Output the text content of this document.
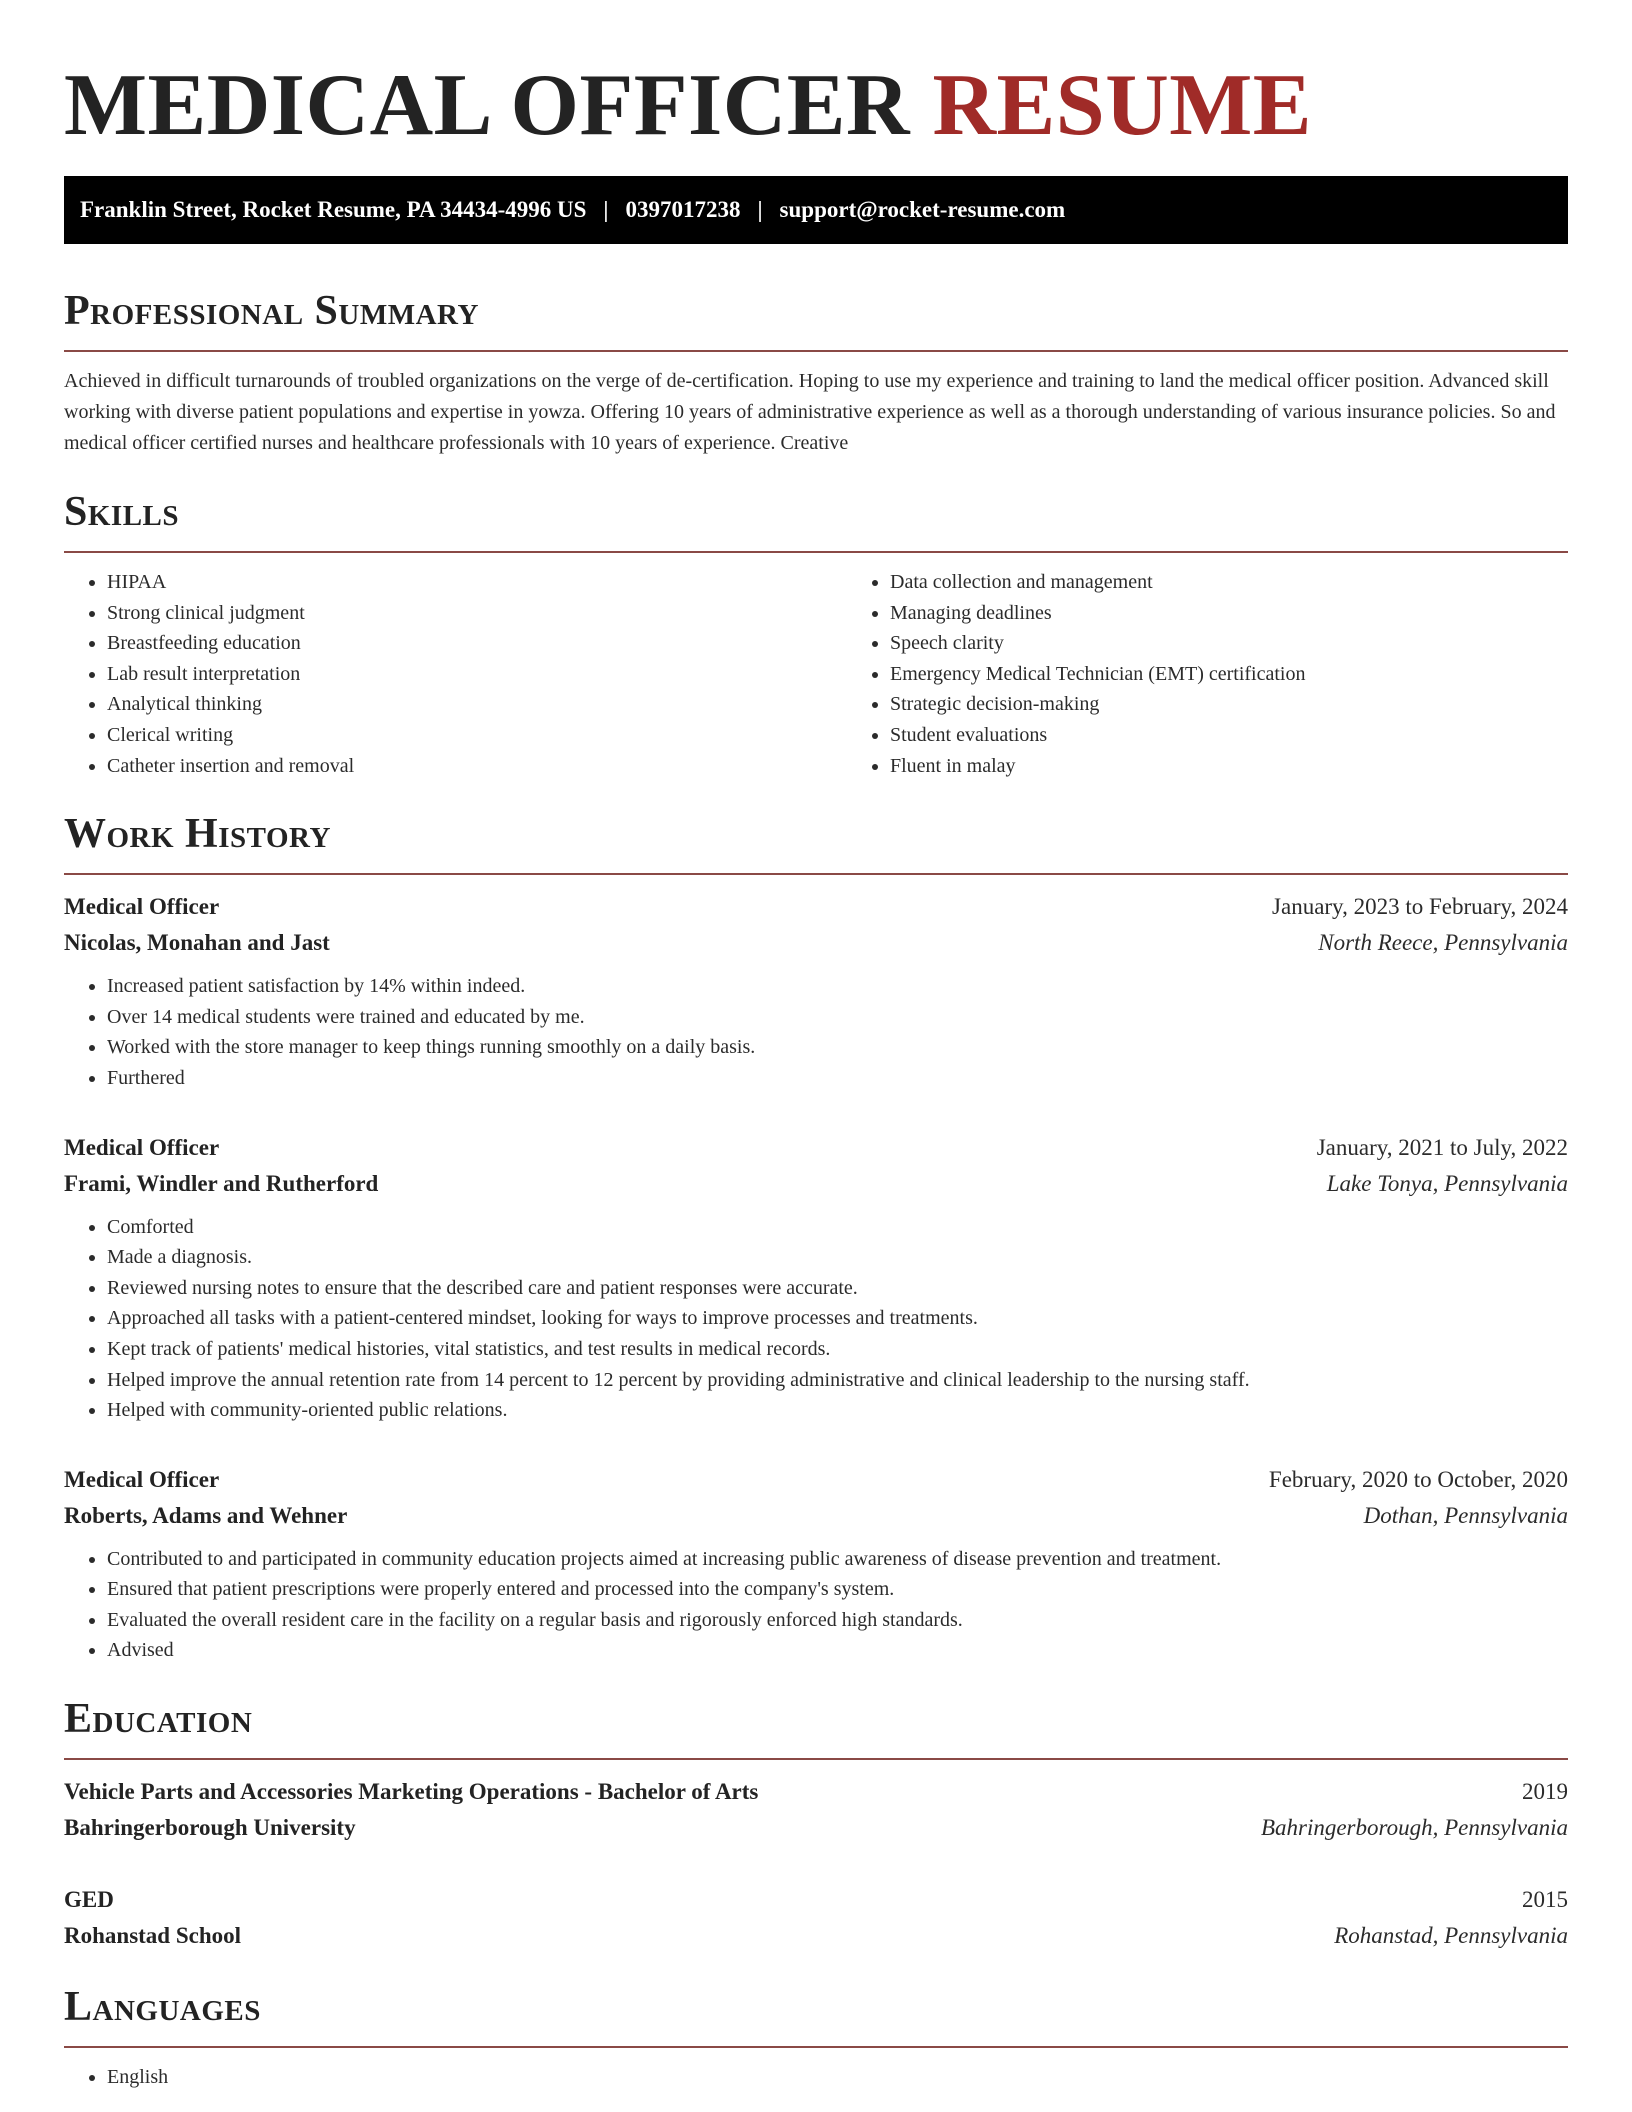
MEDICAL OFFICER RESUME
Franklin Street, Rocket Resume, PA 34434-4996 US | 0397017238 | support@rocket-resume.com
Professional Summary

Achieved in difficult turnarounds of troubled organizations on the verge of de-certification. Hoping to use my experience and training to land the medical officer position. Advanced skill working with diverse patient populations and expertise in yowza. Offering 10 years of administrative experience as well as a thorough understanding of various insurance policies. So and medical officer certified nurses and healthcare professionals with 10 years of experience. Creative

Skills
• HIPAA
• Strong clinical judgment
• Breastfeeding education
• Lab result interpretation
• Analytical thinking
• Clerical writing
• Catheter insertion and removal
• Data collection and management
• Managing deadlines
• Speech clarity
• Emergency Medical Technician (EMT) certification
• Strategic decision-making
• Student evaluations
• Fluent in malay
Work History
Medical Officer	January, 2023 to February, 2024
Nicolas, Monahan and Jast	North Reece, Pennsylvania
• Increased patient satisfaction by 14% within indeed.
• Over 14 medical students were trained and educated by me.
• Worked with the store manager to keep things running smoothly on a daily basis.
• Furthered
Medical Officer	January, 2021 to July, 2022
Frami, Windler and Rutherford	Lake Tonya, Pennsylvania
• Comforted
• Made a diagnosis.
• Reviewed nursing notes to ensure that the described care and patient responses were accurate.
• Approached all tasks with a patient-centered mindset, looking for ways to improve processes and treatments.
• Kept track of patients' medical histories, vital statistics, and test results in medical records.
• Helped improve the annual retention rate from 14 percent to 12 percent by providing administrative and clinical leadership to the nursing staff.
• Helped with community-oriented public relations.
Medical Officer	February, 2020 to October, 2020
Roberts, Adams and Wehner	Dothan, Pennsylvania
• Contributed to and participated in community education projects aimed at increasing public awareness of disease prevention and treatment.
• Ensured that patient prescriptions were properly entered and processed into the company's system.
• Evaluated the overall resident care in the facility on a regular basis and rigorously enforced high standards.
• Advised
Education
Vehicle Parts and Accessories Marketing Operations - Bachelor of Arts	2019
Bahringerborough University	Bahringerborough, Pennsylvania
GED	2015
Rohanstad School	Rohanstad, Pennsylvania
Languages
• English
